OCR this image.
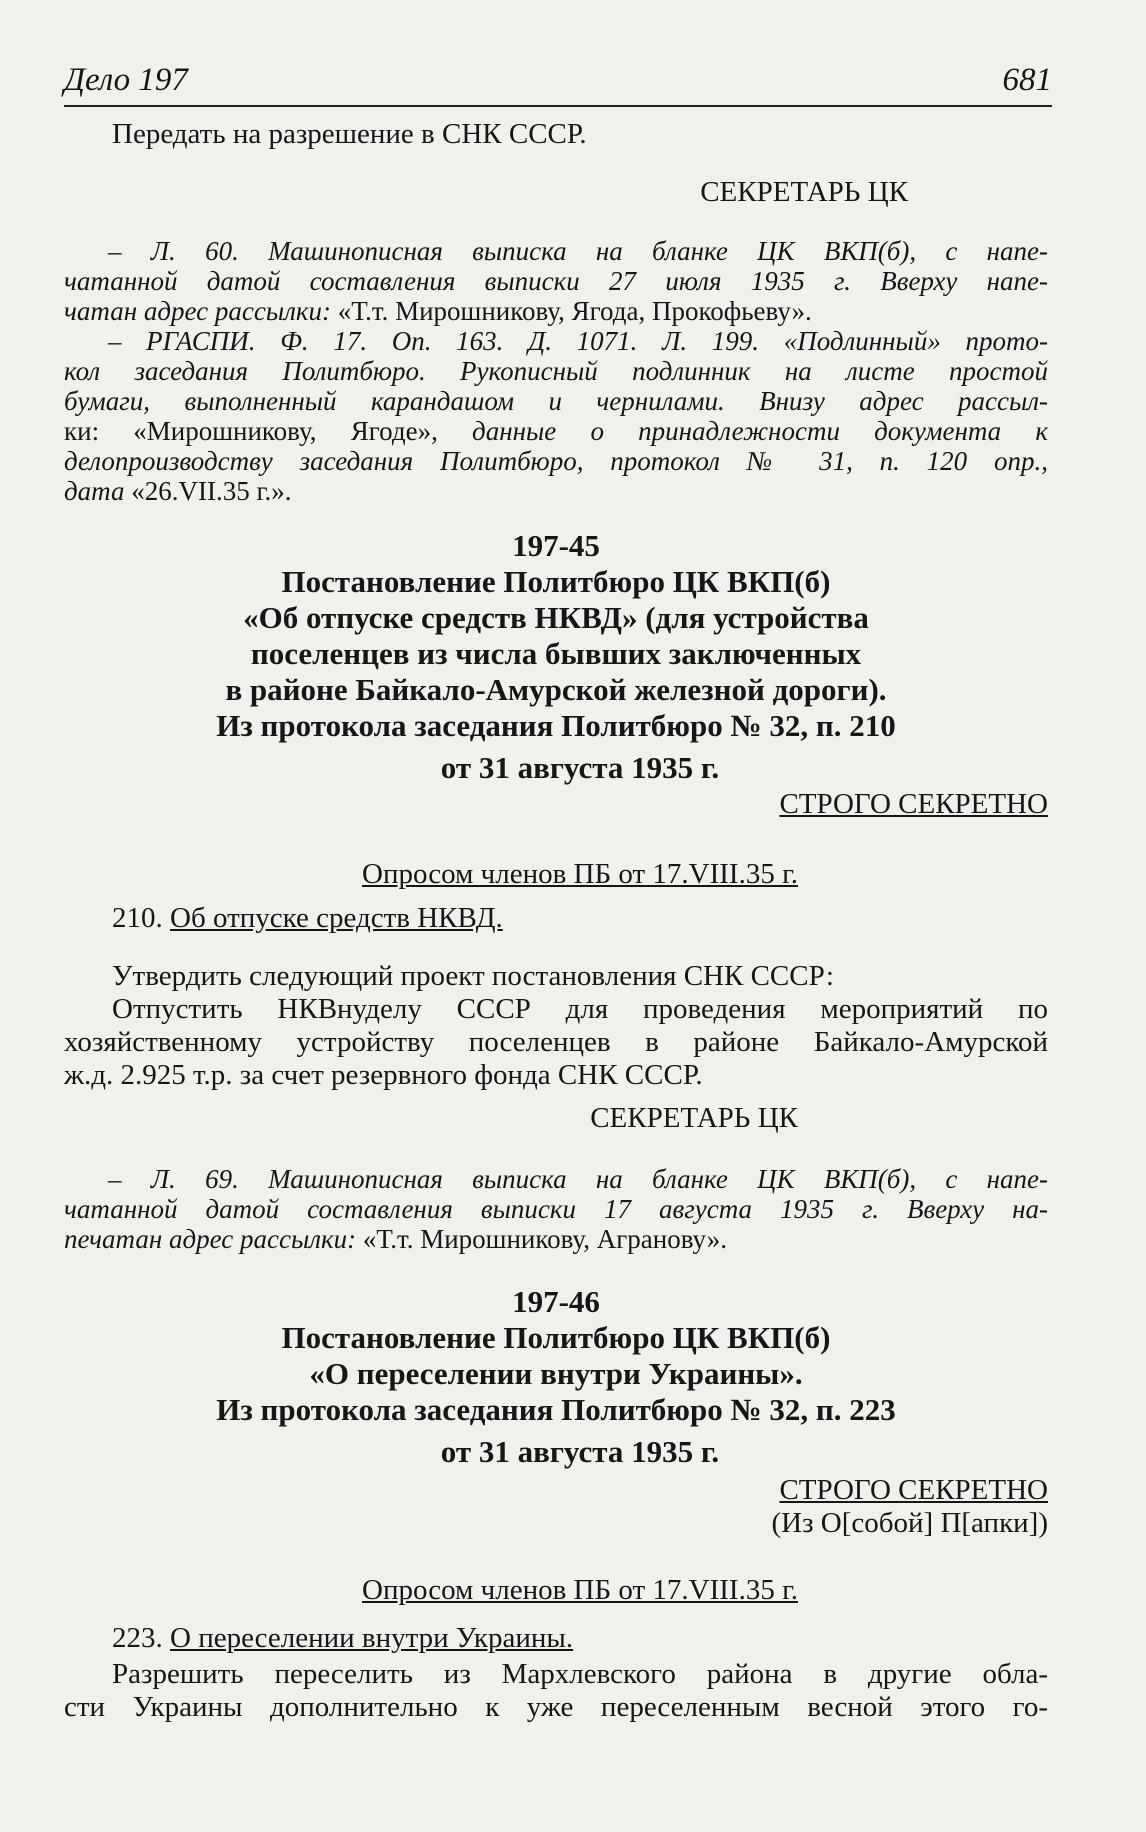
Дело 197	681
Передать на разрешение в СНК СССР.
СЕКРЕТАРЬ ЦК
– Л. 60. Машинописная выписка на бланке ЦК ВКП(б), с напе-
чатанной датой составления выписки 27 июля 1935 г. Вверху напе-
чатан адрес рассылки: «Т.т. Мирошникову, Ягода, Прокофьеву».
– РГАСПИ. Ф. 17. Оп. 163. Д. 1071. Л. 199. «Подлинный» прото-
кол заседания Политбюро. Рукописный подлинник на листе простой
бумаги, выполненный карандашом и чернилами. Внизу адрес рассыл-
ки: «Мирошникову, Ягоде», данные о принадлежности документа к
делопроизводству заседания Политбюро, протокол № 31, п. 120 опр.,
дата «26.VII.35 г.».
197-45
Постановление Политбюро ЦК ВКП(б)
«Об отпуске средств НКВД» (для устройства
поселенцев из числа бывших заключенных
в районе Байкало-Амурской железной дороги).
Из протокола заседания Политбюро № 32, п. 210
от 31 августа 1935 г.
СТРОГО СЕКРЕТНО
Опросом членов ПБ от 17.VIII.35 г.
210. Об отпуске средств НКВД.
Утвердить следующий проект постановления СНК СССР:
Отпустить НКВнуделу СССР для проведения мероприятий по
хозяйственному устройству поселенцев в районе Байкало-Амурской
ж.д. 2.925 т.р. за счет резервного фонда СНК СССР.
СЕКРЕТАРЬ ЦК
– Л. 69. Машинописная выписка на бланке ЦК ВКП(б), с напе-
чатанной датой составления выписки 17 августа 1935 г. Вверху на-
печатан адрес рассылки: «Т.т. Мирошникову, Агранову».
197-46
Постановление Политбюро ЦК ВКП(б)
«О переселении внутри Украины».
Из протокола заседания Политбюро № 32, п. 223
от 31 августа 1935 г.
СТРОГО СЕКРЕТНО
(Из О[собой] П[апки])
Опросом членов ПБ от 17.VIII.35 г.
223. О переселении внутри Украины.
Разрешить переселить из Мархлевского района в другие обла-
сти Украины дополнительно к уже переселенным весной этого го-
